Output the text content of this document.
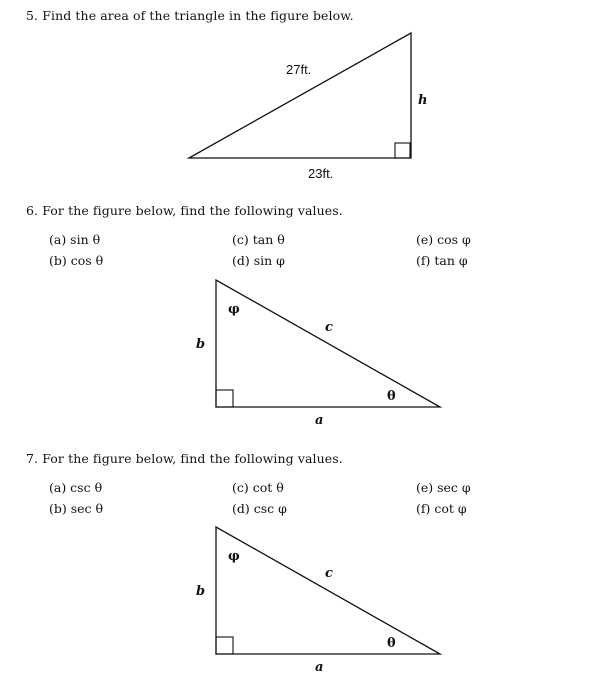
5. Find the area of the triangle in the figure below.
27ft.
23ft.
h
6. For the figure below, find the following values.
(a) sin θ	(c) tan θ	(e) cos φ
(b) cos θ	(d) sin φ	(f) tan φ
φ
c
b
θ
a
7. For the figure below, find the following values.
(a) csc θ	(c) cot θ	(e) sec φ
(b) sec θ	(d) csc φ	(f) cot φ
φ
c
b
θ
a
